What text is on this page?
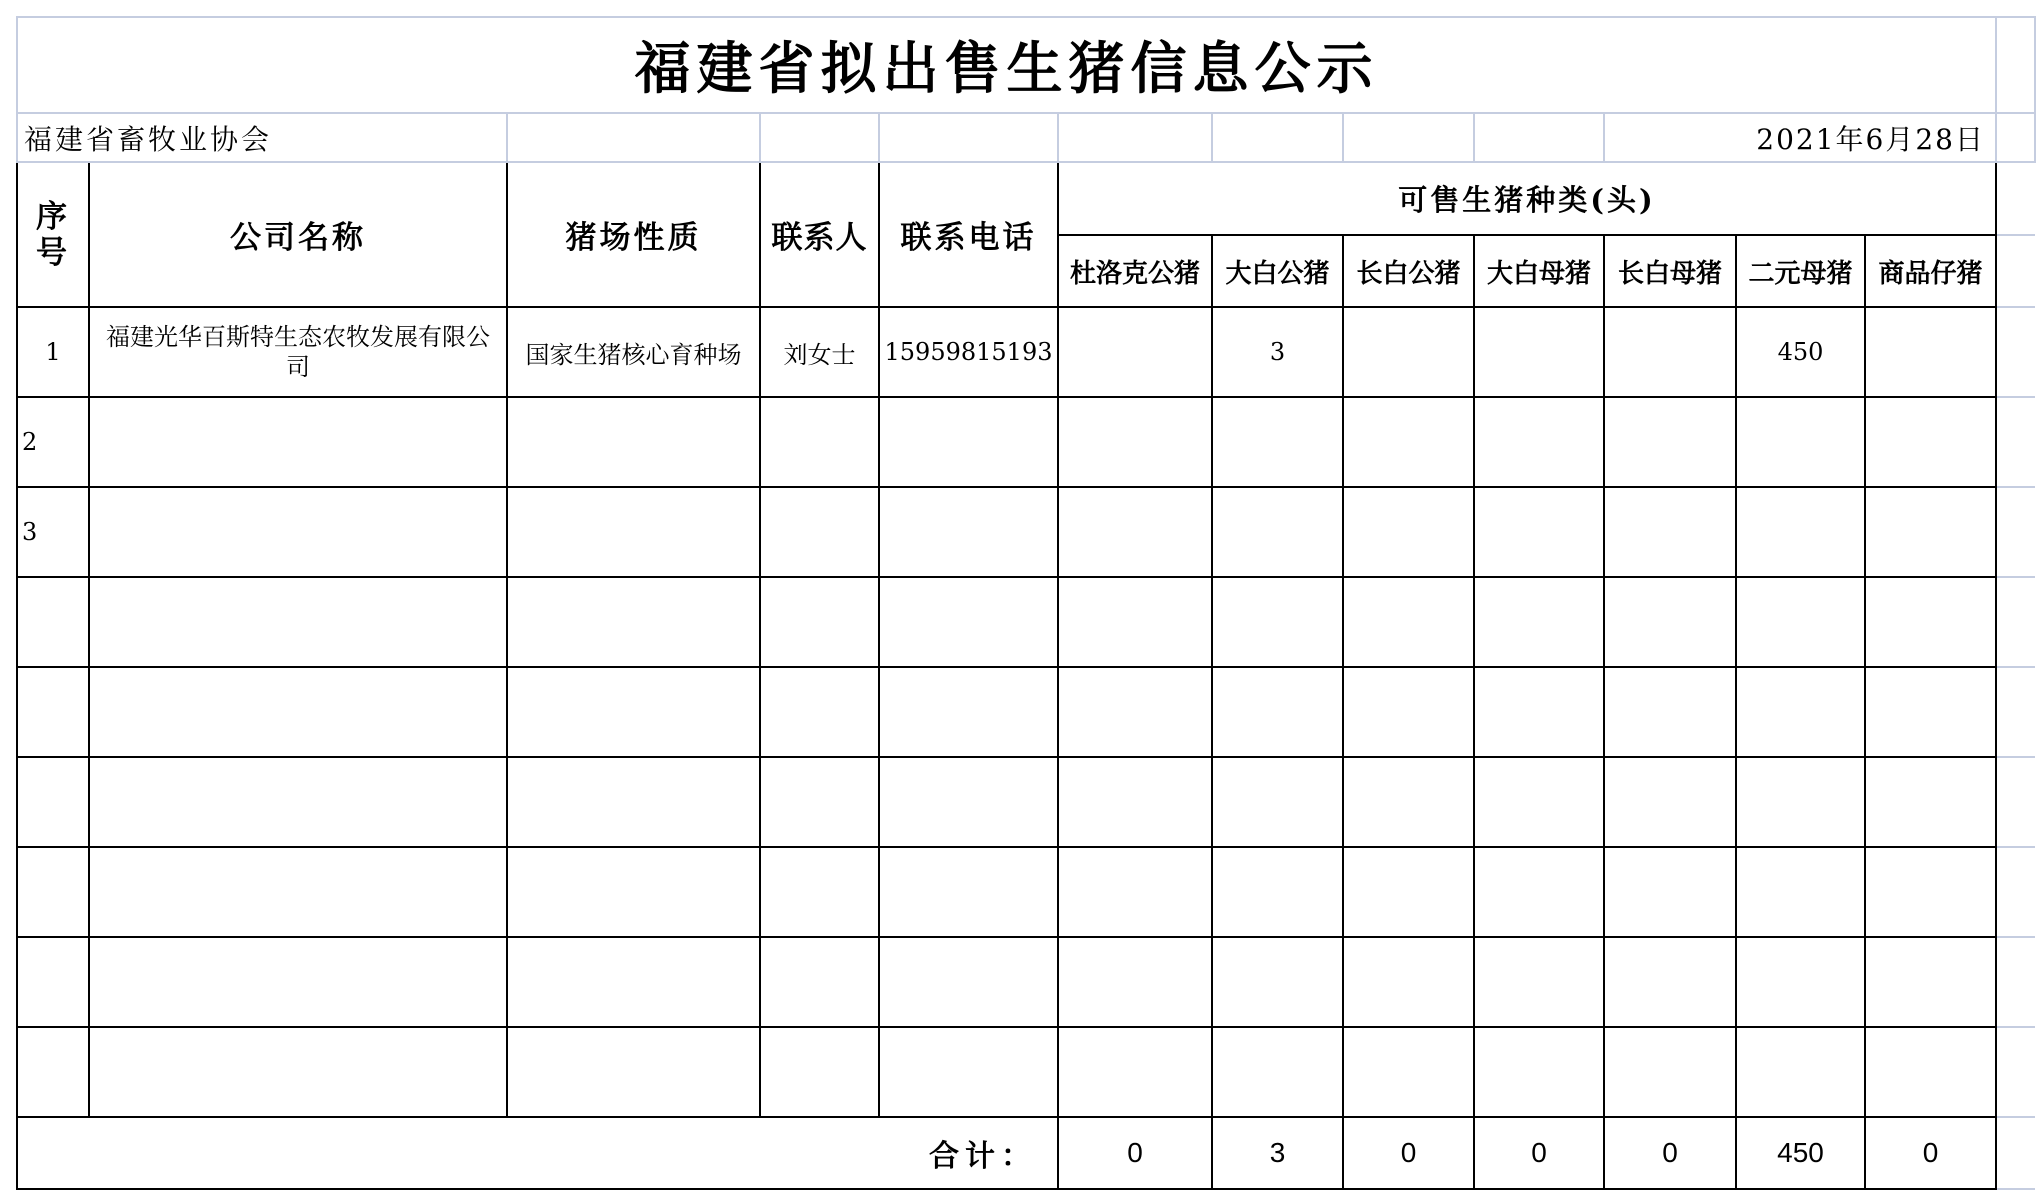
福建省拟出售生猪信息公示												
福建省畜牧业协会									2021年6月28日			
序号	公司名称	猪场性质	联系人	联系电话	可售生猪种类(头)							
					杜洛克公猪	大白公猪	长白公猪	大白母猪	长白母猪	二元母猪	商品仔猪	
1	福建光华百斯特生态农牧发展有限公司	国家生猪核心育种场	刘女士	15959815193		3				450		
2												
3												

合计：					0	3	0	0	0	450	0	
